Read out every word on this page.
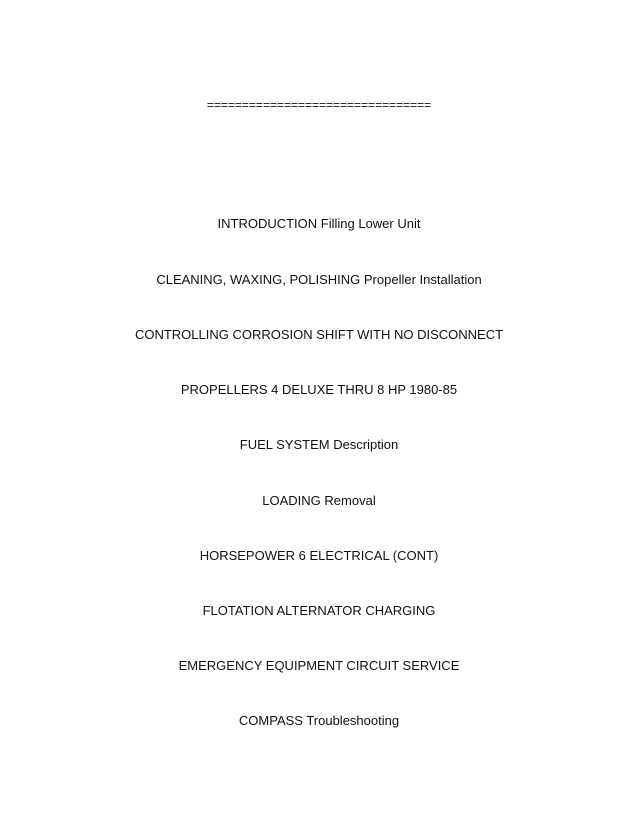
================================
INTRODUCTION Filling Lower Unit
CLEANING, WAXING, POLISHING Propeller Installation
CONTROLLING CORROSION SHIFT WITH NO DISCONNECT
PROPELLERS 4 DELUXE THRU 8 HP 1980-85
FUEL SYSTEM Description
LOADING Removal
HORSEPOWER 6 ELECTRICAL (CONT)
FLOTATION ALTERNATOR CHARGING
EMERGENCY EQUIPMENT CIRCUIT SERVICE
COMPASS Troubleshooting
